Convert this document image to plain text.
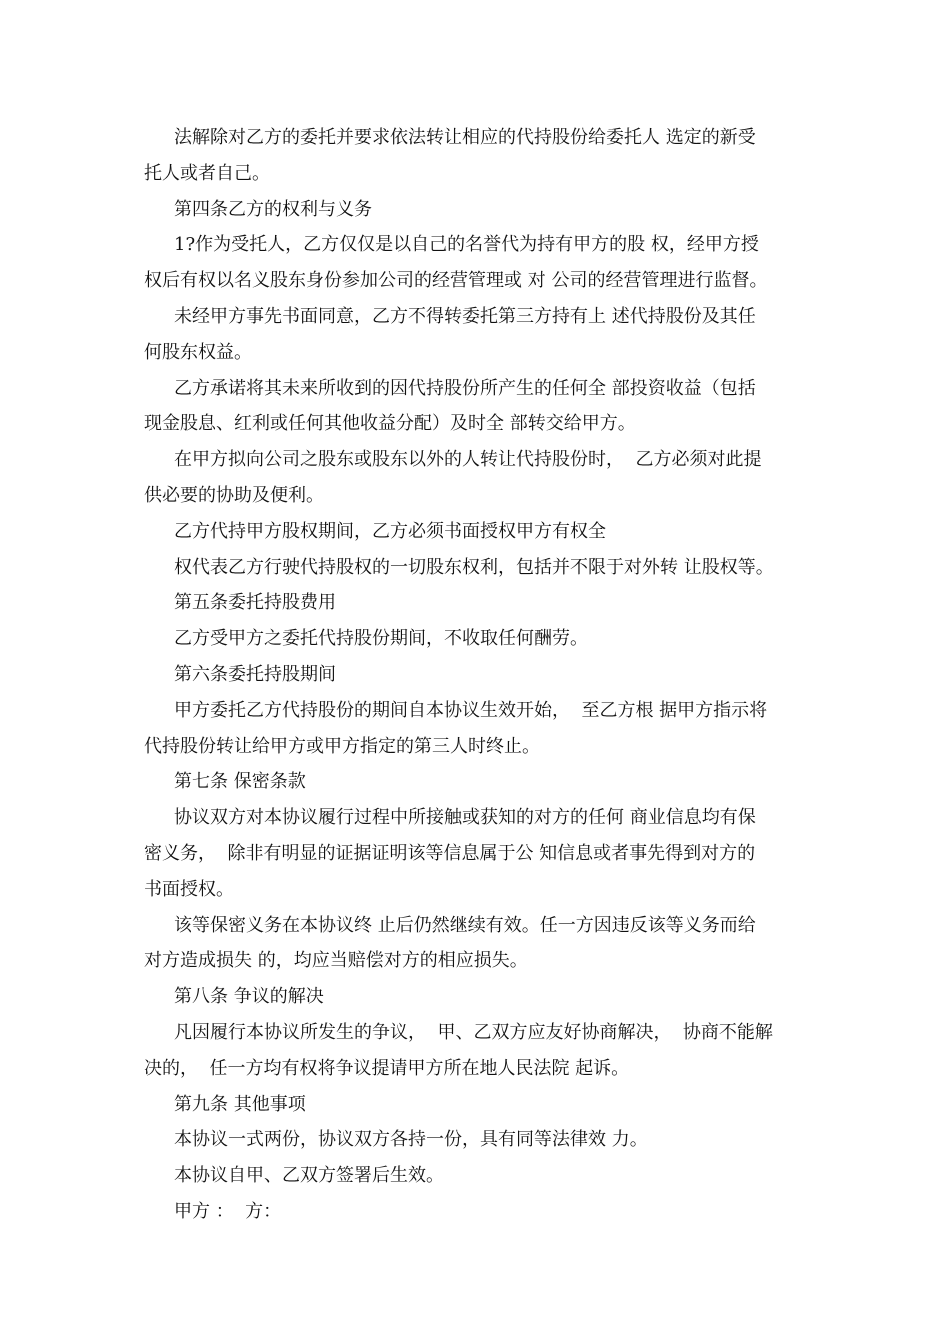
法解除对乙方的委托并要求依法转让相应的代持股份给委托人 选定的新受
托人或者自己。
第四条乙方的权利与义务
1?作为受托人，乙方仅仅是以自己的名誉代为持有甲方的股 权，经甲方授
权后有权以名义股东身份参加公司的经营管理或 对 公司的经营管理进行监督。
未经甲方事先书面同意，乙方不得转委托第三方持有上 述代持股份及其任
何股东权益。
乙方承诺将其未来所收到的因代持股份所产生的任何全 部投资收益（包括
现金股息、红利或任何其他收益分配）及时全 部转交给甲方。
在甲方拟向公司之股东或股东以外的人转让代持股份时，  乙方必须对此提
供必要的协助及便利。
乙方代持甲方股权期间，乙方必须书面授权甲方有权全
权代表乙方行驶代持股权的一切股东权利，包括并不限于对外转 让股权等。
第五条委托持股费用
乙方受甲方之委托代持股份期间，不收取任何酬劳。
第六条委托持股期间
甲方委托乙方代持股份的期间自本协议生效开始，  至乙方根 据甲方指示将
代持股份转让给甲方或甲方指定的第三人时终止。
第七条 保密条款
协议双方对本协议履行过程中所接触或获知的对方的任何 商业信息均有保
密义务，  除非有明显的证据证明该等信息属于公 知信息或者事先得到对方的
书面授权。
该等保密义务在本协议终 止后仍然继续有效。任一方因违反该等义务而给
对方造成损失 的，均应当赔偿对方的相应损失。
第八条 争议的解决
凡因履行本协议所发生的争议，  甲、乙双方应友好协商解决，  协商不能解
决的，  任一方均有权将争议提请甲方所在地人民法院 起诉。
第九条 其他事项
本协议一式两份，协议双方各持一份，具有同等法律效 力。
本协议自甲、乙双方签署后生效。
甲方 ：  方：
